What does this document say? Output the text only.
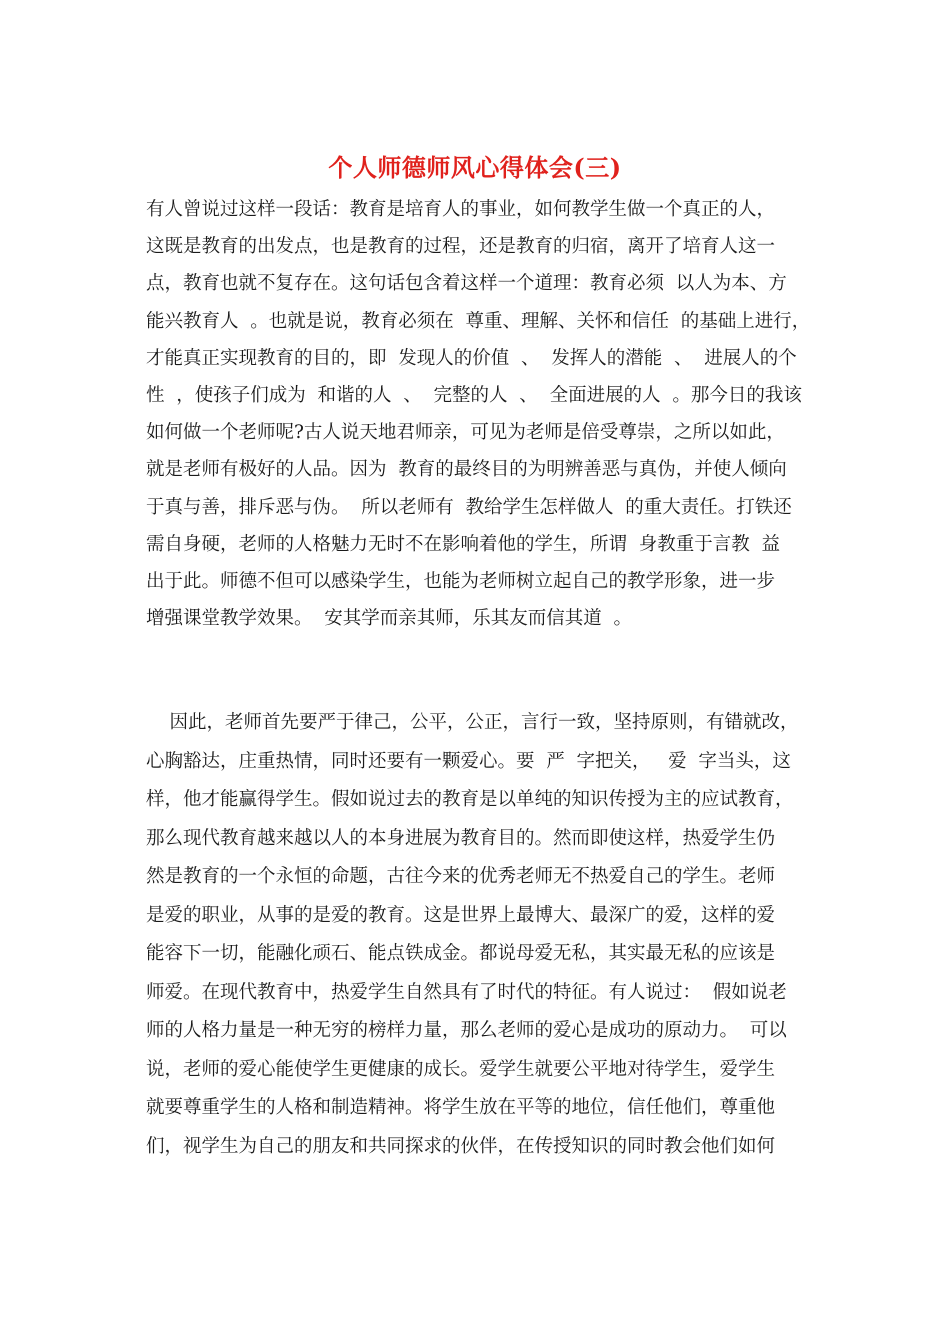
个人师德师风心得体会(三)
有人曾说过这样一段话：教育是培育人的事业，如何教学生做一个真正的人，
这既是教育的出发点，也是教育的过程，还是教育的归宿，离开了培育人这一
点，教育也就不复存在。这句话包含着这样一个道理：教育必须  以人为本、方
能兴教育人  。也就是说，教育必须在  尊重、理解、关怀和信任  的基础上进行，
才能真正实现教育的目的，即  发现人的价值  、  发挥人的潜能  、  进展人的个
性  ，使孩子们成为  和谐的人  、  完整的人  、  全面进展的人  。那今日的我该
如何做一个老师呢?古人说天地君师亲，可见为老师是倍受尊崇，之所以如此，
就是老师有极好的人品。因为  教育的最终目的为明辨善恶与真伪，并使人倾向
于真与善，排斥恶与伪。  所以老师有  教给学生怎样做人  的重大责任。打铁还
需自身硬，老师的人格魅力无时不在影响着他的学生，所谓  身教重于言教  益
出于此。师德不但可以感染学生，也能为老师树立起自己的教学形象，进一步
增强课堂教学效果。  安其学而亲其师，乐其友而信其道  。
因此，老师首先要严于律己，公平，公正，言行一致，坚持原则，有错就改，
心胸豁达，庄重热情，同时还要有一颗爱心。要  严  字把关，   爱  字当头，这
样，他才能赢得学生。假如说过去的教育是以单纯的知识传授为主的应试教育，
那么现代教育越来越以人的本身进展为教育目的。然而即使这样，热爱学生仍
然是教育的一个永恒的命题，古往今来的优秀老师无不热爱自己的学生。老师
是爱的职业，从事的是爱的教育。这是世界上最博大、最深广的爱，这样的爱
能容下一切，能融化顽石、能点铁成金。都说母爱无私，其实最无私的应该是
师爱。在现代教育中，热爱学生自然具有了时代的特征。有人说过：  假如说老
师的人格力量是一种无穷的榜样力量，那么老师的爱心是成功的原动力。  可以
说，老师的爱心能使学生更健康的成长。爱学生就要公平地对待学生，爱学生
就要尊重学生的人格和制造精神。将学生放在平等的地位，信任他们，尊重他
们，视学生为自己的朋友和共同探求的伙伴，在传授知识的同时教会他们如何
